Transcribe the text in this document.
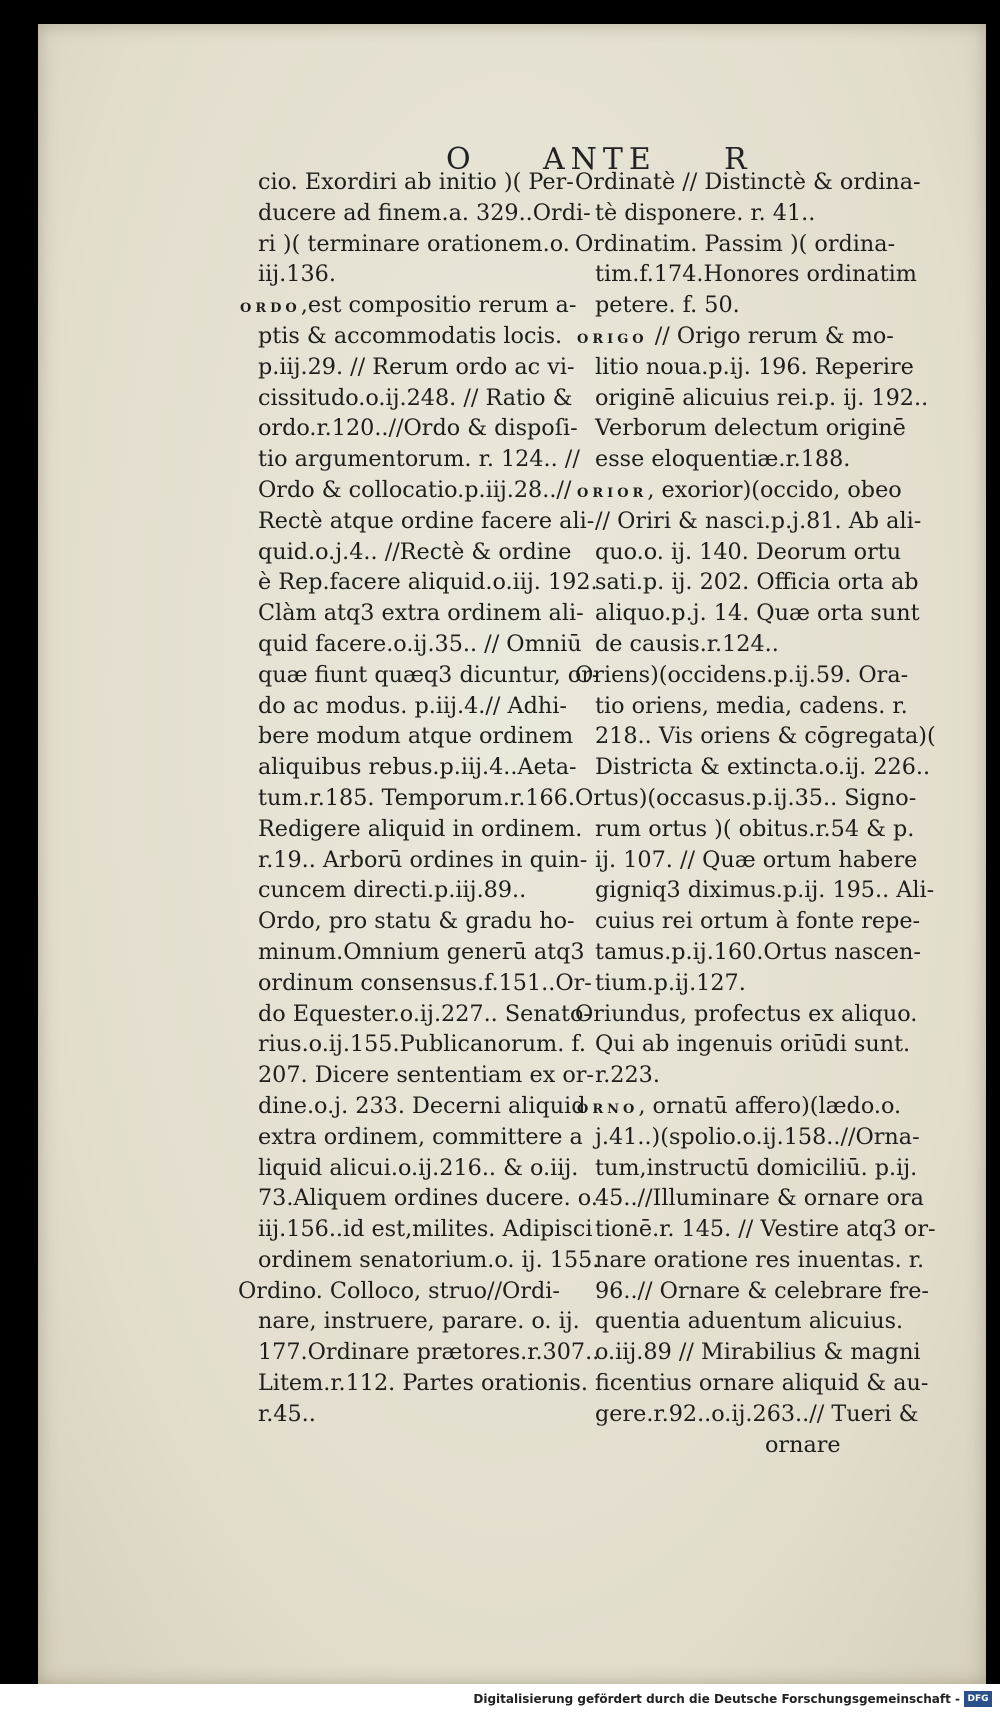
O ANTE R
cio. Exordiri ab initio )( Per-
ducere ad finem.a. 329..Ordi-
ri )( terminare orationem.o.
iij.136.
ORDO,est compositio rerum a-
ptis & accommodatis locis.
p.iij.29. // Rerum ordo ac vi-
cissitudo.o.ij.248. // Ratio &
ordo.r.120..//Ordo & dispoſi-
tio argumentorum. r. 124.. //
Ordo & collocatio.p.iij.28..//
Rectè atque ordine facere ali-
quid.o.j.4.. //Rectè & ordine
è Rep.facere aliquid.o.iij. 192.
Clàm atq3 extra ordinem ali-
quid facere.o.ij.35.. // Omniū
quæ fiunt quæq3 dicuntur, or-
do ac modus. p.iij.4.// Adhi-
bere modum atque ordinem
aliquibus rebus.p.iij.4..Aeta-
tum.r.185. Temporum.r.166.
Redigere aliquid in ordinem.
r.19.. Arborū ordines in quin-
cuncem directi.p.iij.89..
Ordo, pro statu & gradu ho-
minum.Omnium generū atq3
ordinum consensus.f.151..Or-
do Equester.o.ij.227.. Senato-
rius.o.ij.155.Publicanorum. f.
207. Dicere sententiam ex or-
dine.o.j. 233. Decerni aliquid
extra ordinem, committere a
liquid alicui.o.ij.216.. & o.iij.
73.Aliquem ordines ducere. o.
iij.156..id est,milites. Adipisci
ordinem senatorium.o. ij. 155.
Ordino. Colloco, struo//Ordi-
nare, instruere, parare. o. ij.
177.Ordinare prætores.r.307..
Litem.r.112. Partes orationis.
r.45..
Ordinatè // Distinctè & ordina-
tè disponere. r. 41..
Ordinatim. Passim )( ordina-
tim.f.174.Honores ordinatim
petere. f. 50.
ORIGO // Origo rerum & mo-
litio noua.p.ij. 196. Reperire
originē alicuius rei.p. ij. 192..
Verborum delectum originē
esse eloquentiæ.r.188.
ORIOR, exorior)(occido, obeo
// Oriri & nasci.p.j.81. Ab ali-
quo.o. ij. 140. Deorum ortu
sati.p. ij. 202. Officia orta ab
aliquo.p.j. 14. Quæ orta sunt
de causis.r.124..
Oriens)(occidens.p.ij.59. Ora-
tio oriens, media, cadens. r.
218.. Vis oriens & cōgregata)(
Districta & extincta.o.ij. 226..
Ortus)(occasus.p.ij.35.. Signo-
rum ortus )( obitus.r.54 & p.
ij. 107. // Quæ ortum habere
gigniq3 diximus.p.ij. 195.. Ali-
cuius rei ortum à fonte repe-
tamus.p.ij.160.Ortus nascen-
tium.p.ij.127.
Oriundus, profectus ex aliquo.
Qui ab ingenuis oriūdi sunt.
r.223.
ORNO, ornatū affero)(lædo.o.
j.41..)(spolio.o.ij.158..//Orna-
tum,instructū domiciliū. p.ij.
45..//Illuminare & ornare ora
tionē.r. 145. // Vestire atq3 or-
nare oratione res inuentas. r.
96..// Ornare & celebrare fre-
quentia aduentum alicuius.
o.iij.89 // Mirabilius & magni
ficentius ornare aliquid & au-
gere.r.92..o.ij.263..// Tueri &
ornare
Digitalisierung gefördert durch die Deutsche Forschungsgemeinschaft - DFG
